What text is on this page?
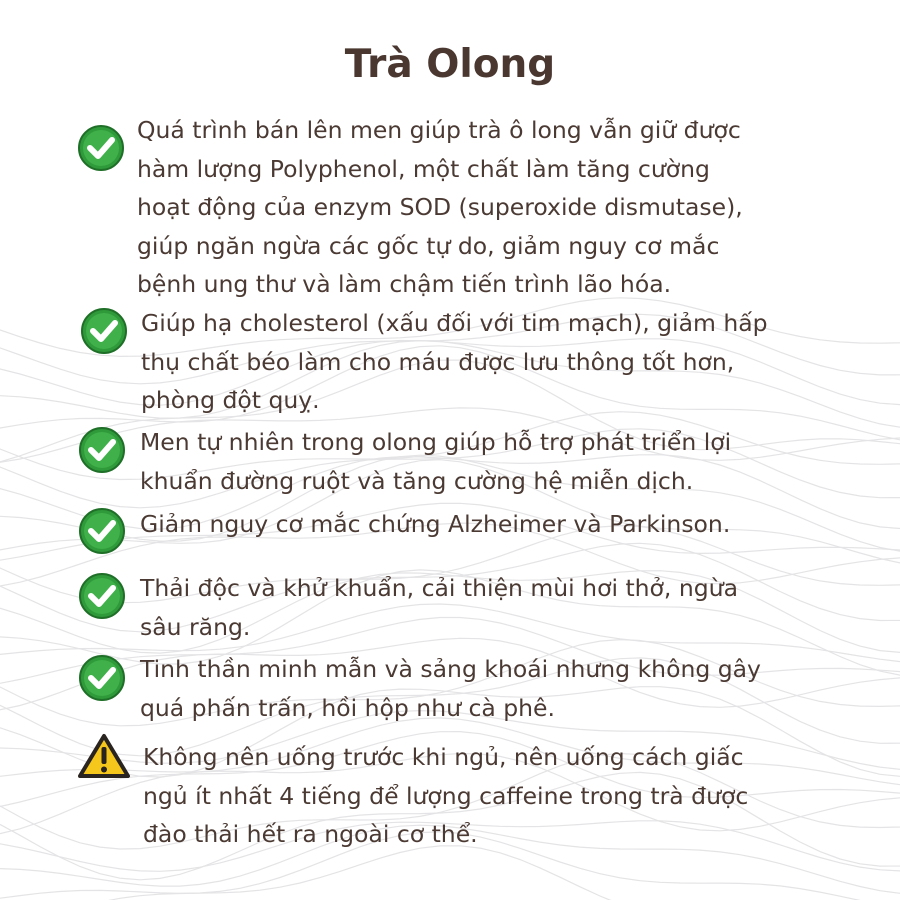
Trà Olong
Quá trình bán lên men giúp trà ô long vẫn giữ được
hàm lượng Polyphenol, một chất làm tăng cường
hoạt động của enzym SOD (superoxide dismutase),
giúp ngăn ngừa các gốc tự do, giảm nguy cơ mắc
bệnh ung thư và làm chậm tiến trình lão hóa.
Giúp hạ cholesterol (xấu đối với tim mạch), giảm hấp
thụ chất béo làm cho máu được lưu thông tốt hơn,
phòng đột quỵ.
Men tự nhiên trong olong giúp hỗ trợ phát triển lợi
khuẩn đường ruột và tăng cường hệ miễn dịch.
Giảm nguy cơ mắc chứng Alzheimer và Parkinson.
Thải độc và khử khuẩn, cải thiện mùi hơi thở, ngừa
sâu răng.
Tinh thần minh mẫn và sảng khoái nhưng không gây
quá phấn trấn, hồi hộp như cà phê.
Không nên uống trước khi ngủ, nên uống cách giấc
ngủ ít nhất 4 tiếng để lượng caffeine trong trà được
đào thải hết ra ngoài cơ thể.
